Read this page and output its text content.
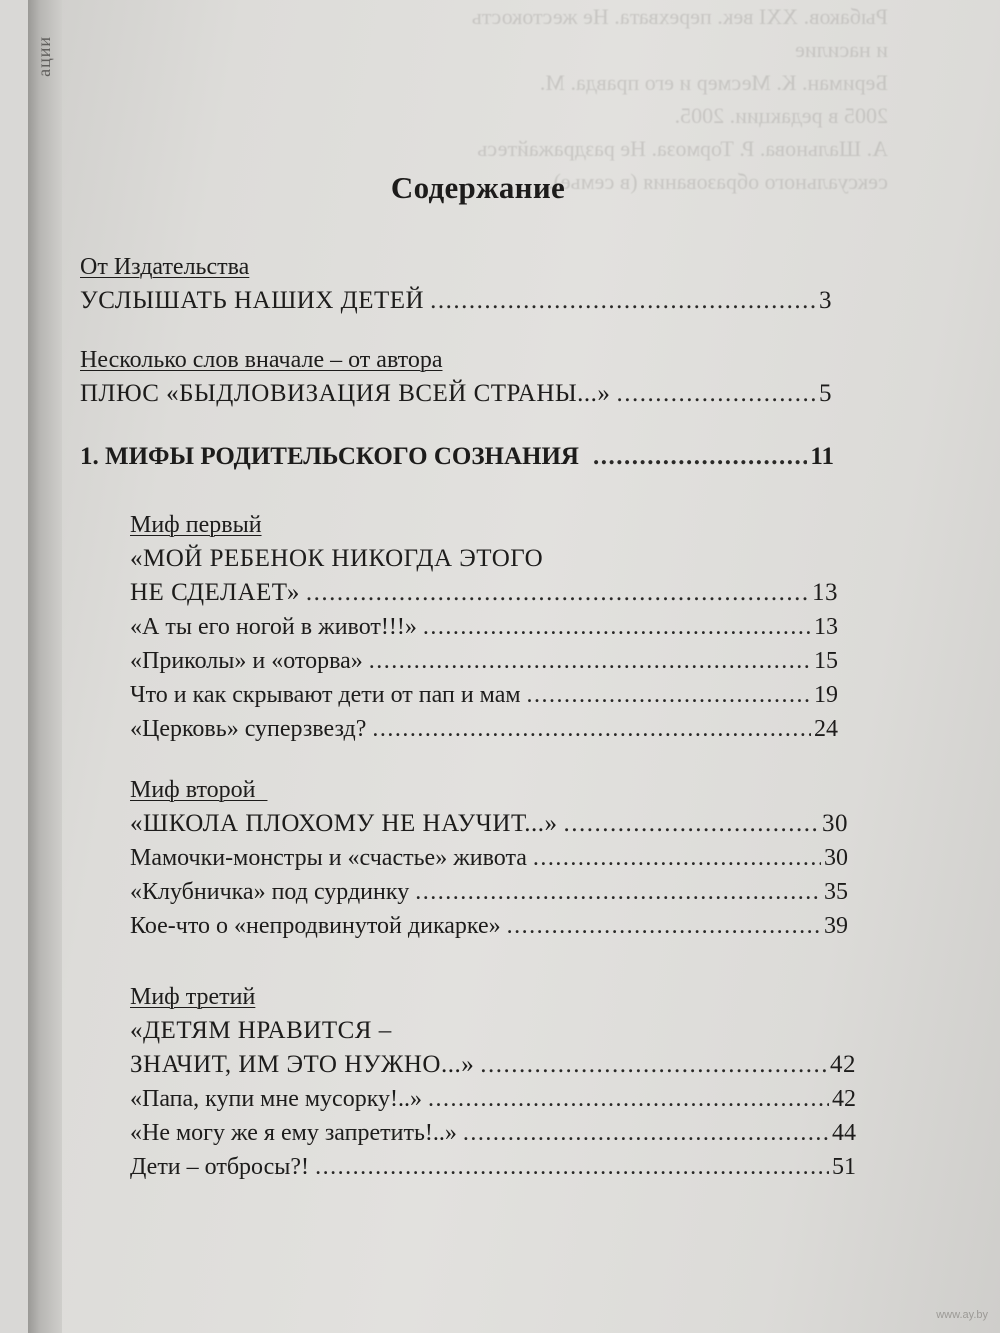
ации
Рыбаков. XXI век. перехвата. Не жестокость
и насилие
Бериман. К. Месмер и его правда. М.
2005 в редакции. 2005.
А. Шальнова. Р. Тормоза. Не раздражайтесь
сексуального образования (в семье).
Содержание
От Издательства
УСЛЫШАТЬ НАШИХ ДЕТЕЙ .....	3
Несколько слов вначале – от автора
ПЛЮС «БЫДЛОВИЗАЦИЯ ВСЕЙ СТРАНЫ...» .....	5
1. МИФЫ РОДИТЕЛЬСКОГО СОЗНАНИЯ .....	11
Миф первый
«МОЙ РЕБЕНОК НИКОГДА ЭТОГО
НЕ СДЕЛАЕТ» .....	13
«А ты его ногой в живот!!!» .....	13
«Приколы» и «оторва» .....	15
Что и как скрывают дети от пап и мам .....	19
«Церковь» суперзвезд? .....	24
Миф второй
«ШКОЛА ПЛОХОМУ НЕ НАУЧИТ...» .....	30
Мамочки-монстры и «счастье» живота .....	30
«Клубничка» под сурдинку .....	35
Кое-что о «непродвинутой дикарке» .....	39
Миф третий
«ДЕТЯМ НРАВИТСЯ –
ЗНАЧИТ, ИМ ЭТО НУЖНО...» .....	42
«Папа, купи мне мусорку!..» .....	42
«Не могу же я ему запретить!..» .....	44
Дети – отбросы?! .....	51
www.ay.by
